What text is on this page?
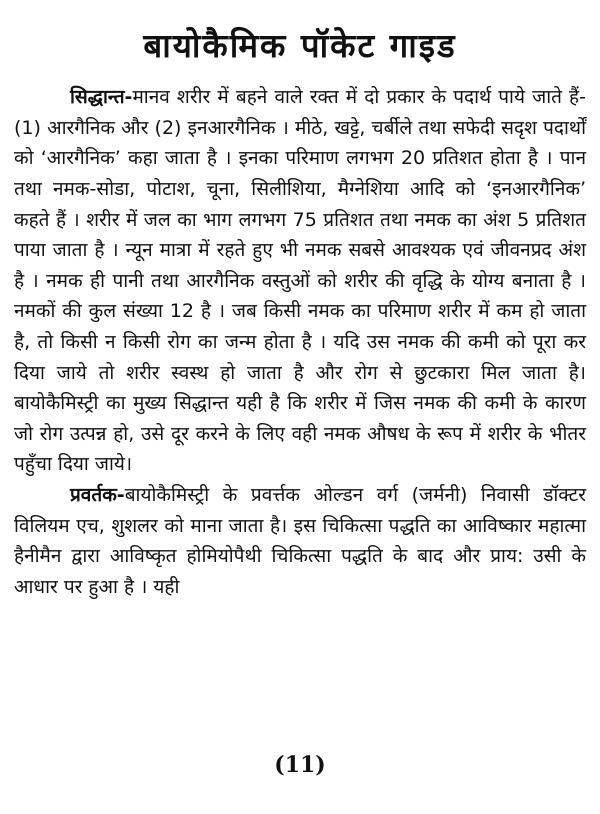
बायोकैमिक पॉकेट गाइड

सिद्धान्त-मानव शरीर में बहने वाले रक्त में दो प्रकार के पदार्थ पाये जाते हैं-(1) आरगैनिक और (2) इनआरगैनिक । मीठे, खट्टे, चर्बीले तथा सफेदी सदृश पदार्थों को ‘आरगैनिक’ कहा जाता है । इनका परिमाण लगभग 20 प्रतिशत होता है । पान तथा नमक-सोडा, पोटाश, चूना, सिलीशिया, मैग्नेशिया आदि को ‘इनआरगैनिक’ कहते हैं । शरीर में जल का भाग लगभग 75 प्रतिशत तथा नमक का अंश 5 प्रतिशत पाया जाता है । न्यून मात्रा में रहते हुए भी नमक सबसे आवश्यक एवं जीवनप्रद अंश है । नमक ही पानी तथा आरगैनिक वस्तुओं को शरीर की वृद्धि के योग्य बनाता है । नमकों की कुल संख्या 12 है । जब किसी नमक का परिमाण शरीर में कम हो जाता है, तो किसी न किसी रोग का जन्म होता है । यदि उस नमक की कमी को पूरा कर दिया जाये तो शरीर स्वस्थ हो जाता है और रोग से छुटकारा मिल जाता है। बायोकैमिस्ट्री का मुख्य सिद्धान्त यही है कि शरीर में जिस नमक की कमी के कारण जो रोग उत्पन्न हो, उसे दूर करने के लिए वही नमक औषध के रूप में शरीर के भीतर पहुँचा दिया जाये।

प्रवर्तक-बायोकैमिस्ट्री के प्रवर्त्तक ओल्डन वर्ग (जर्मनी) निवासी डॉक्टर विलियम एच, शुशलर को माना जाता है। इस चिकित्सा पद्धति का आविष्कार महात्मा हैनीमैन द्वारा आविष्कृत होमियोपैथी चिकित्सा पद्धति के बाद और प्राय: उसी के आधार पर हुआ है । यही

(11)
